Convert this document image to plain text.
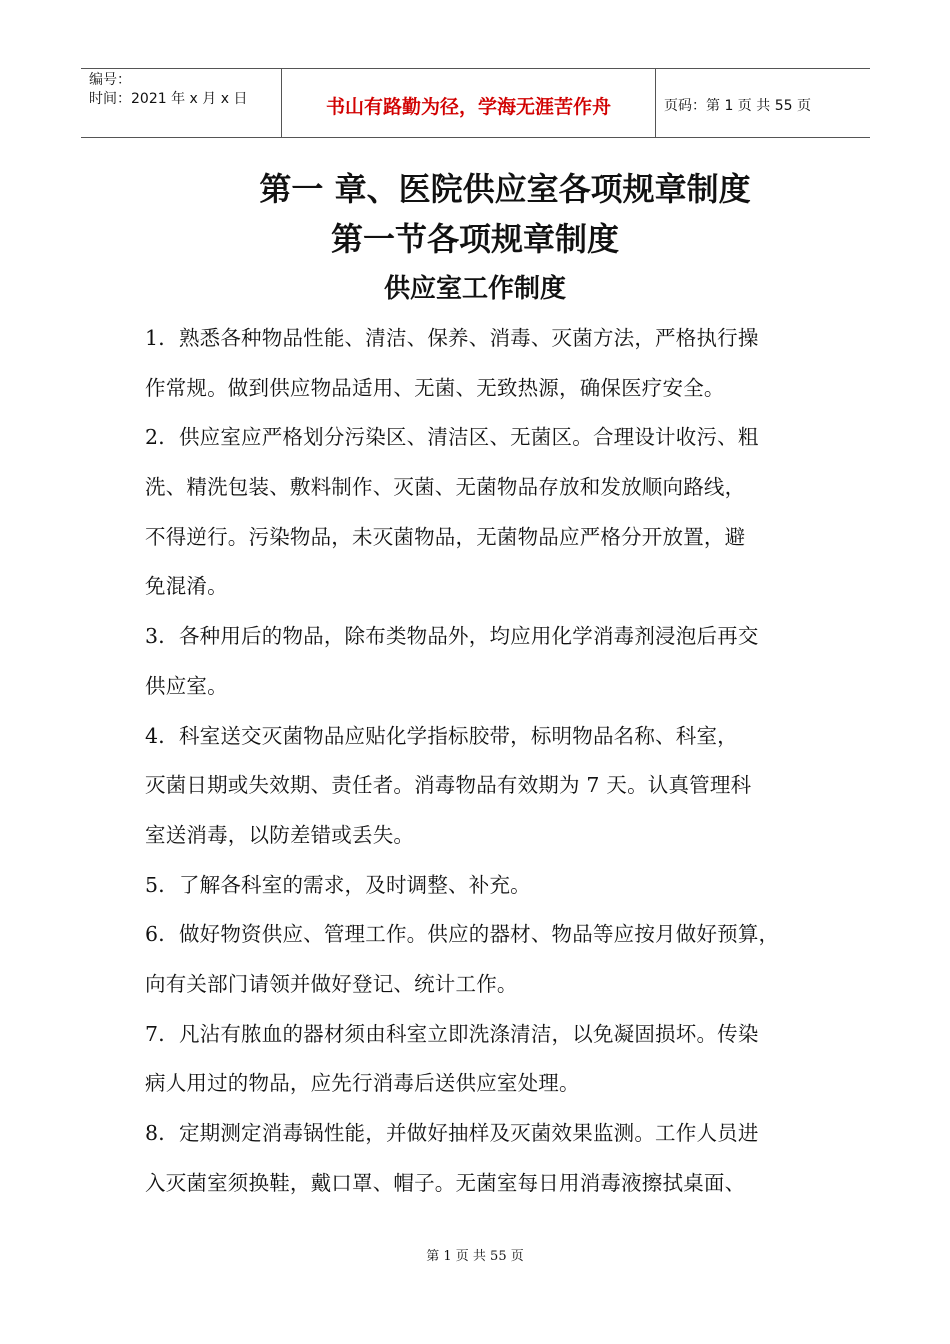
编号：
时间：2021 年 x 月 x 日	书山有路勤为径，学海无涯苦作舟	页码：第 1 页 共 55 页
第一 章、医院供应室各项规章制度
第一节各项规章制度
供应室工作制度
1．熟悉各种物品性能、清洁、保养、消毒、灭菌方法，严格执行操
作常规。做到供应物品适用、无菌、无致热源，确保医疗安全。
2．供应室应严格划分污染区、清洁区、无菌区。合理设计收污、粗
洗、精洗包装、敷料制作、灭菌、无菌物品存放和发放顺向路线，
不得逆行。污染物品，未灭菌物品，无菌物品应严格分开放置，避
免混淆。
3．各种用后的物品，除布类物品外，均应用化学消毒剂浸泡后再交
供应室。
4．科室送交灭菌物品应贴化学指标胶带，标明物品名称、科室，
灭菌日期或失效期、责任者。消毒物品有效期为 7 天。认真管理科
室送消毒，以防差错或丢失。
5．了解各科室的需求，及时调整、补充。
6．做好物资供应、管理工作。供应的器材、物品等应按月做好预算，
向有关部门请领并做好登记、统计工作。
7．凡沾有脓血的器材须由科室立即洗涤清洁，以免凝固损坏。传染
病人用过的物品，应先行消毒后送供应室处理。
8．定期测定消毒锅性能，并做好抽样及灭菌效果监测。工作人员进
入灭菌室须换鞋，戴口罩、帽子。无菌室每日用消毒液擦拭桌面、
第 1 页 共 55 页
